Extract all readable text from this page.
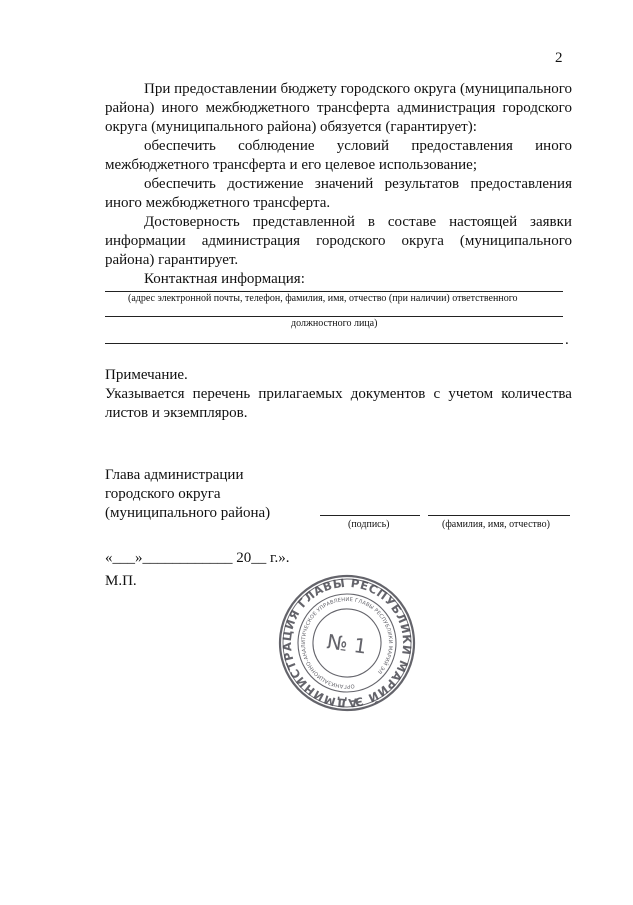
2
При предоставлении бюджету городского округа (муниципального
района) иного межбюджетного трансферта администрация городского
округа (муниципального района) обязуется (гарантирует):
обеспечить соблюдение условий предоставления иного
межбюджетного трансферта и его целевое использование;
обеспечить достижение значений результатов предоставления
иного межбюджетного трансферта.
Достоверность представленной в составе настоящей заявки
информации администрация городского округа (муниципального
района) гарантирует.
Контактная информация:
(адрес электронной почты, телефон, фамилия, имя, отчество (при наличии) ответственного
должностного лица)
.
Примечание.
Указывается перечень прилагаемых документов с учетом количества
листов и экземпляров.
Глава администрации
городского округа
(муниципального района)
(подпись)	(фамилия, имя, отчество)
«___»____________ 20__ г.».
М.П.
АДМИНИСТРАЦИЯ ГЛАВЫ РЕСПУБЛИКИ МАРИЙ ЭЛ
ОРГАНИЗАЦИОННО-АНАЛИТИЧЕСКОЕ УПРАВЛЕНИЕ ГЛАВЫ РЕСПУБЛИКИ МАРИЙ ЭЛ
№ 1
